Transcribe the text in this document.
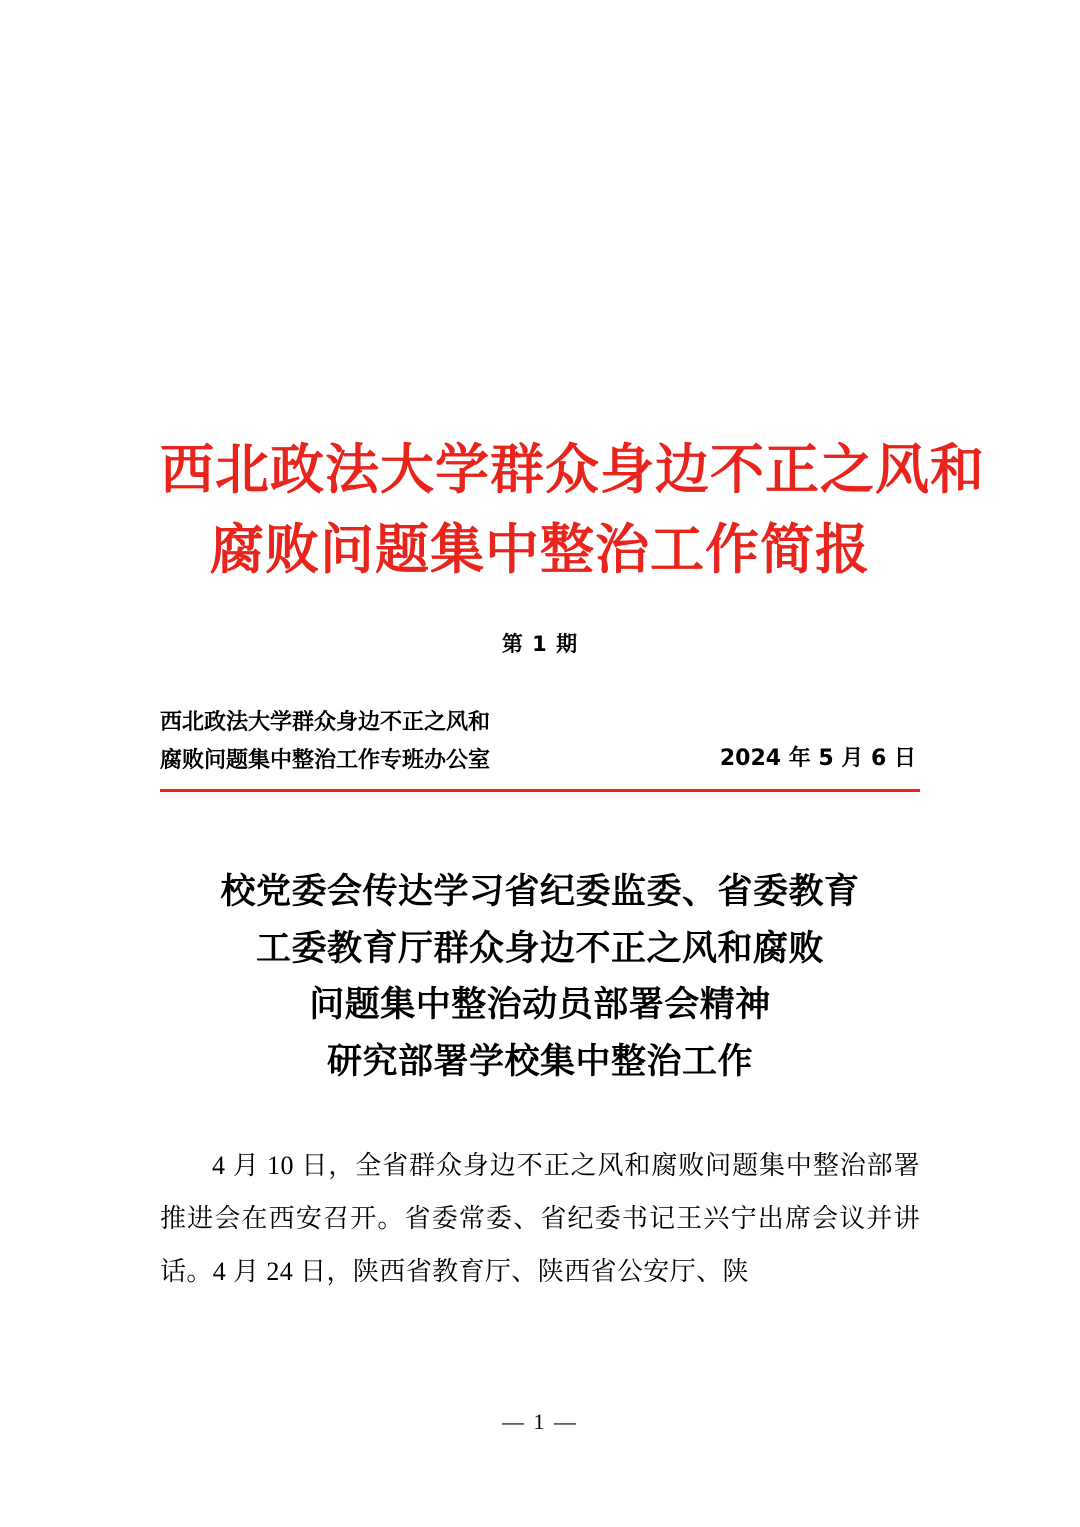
西北政法大学群众身边不正之风和
腐败问题集中整治工作简报
第 1 期
西北政法大学群众身边不正之风和
腐败问题集中整治工作专班办公室	2024 年 5 月 6 日
校党委会传达学习省纪委监委、省委教育
工委教育厅群众身边不正之风和腐败
问题集中整治动员部署会精神
研究部署学校集中整治工作

4 月 10 日，全省群众身边不正之风和腐败问题集中整治部署推进会在西安召开。省委常委、省纪委书记王兴宁出席会议并讲话。4 月 24 日，陕西省教育厅、陕西省公安厅、陕

— 1 —
